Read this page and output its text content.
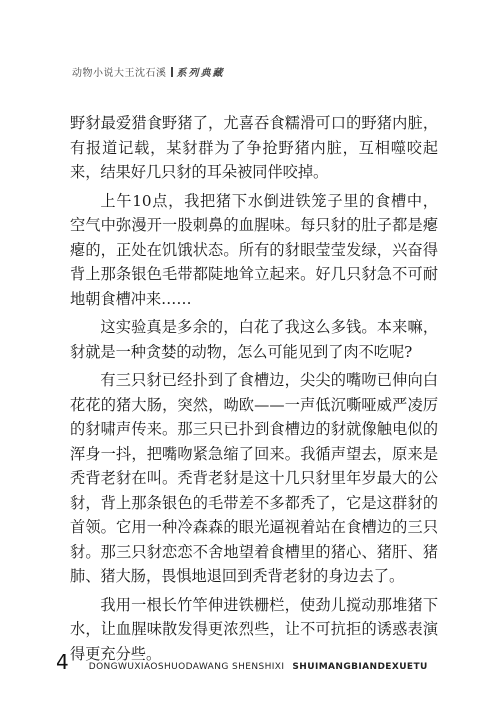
动物小说大王沈石溪 系列典藏

野豺最爱猎食野猪了，尤喜吞食糯滑可口的野猪内脏，有报道记载，某豺群为了争抢野猪内脏，互相噬咬起来，结果好几只豺的耳朵被同伴咬掉。

上午10点，我把猪下水倒进铁笼子里的食槽中，空气中弥漫开一股刺鼻的血腥味。每只豺的肚子都是瘪瘪的，正处在饥饿状态。所有的豺眼莹莹发绿，兴奋得背上那条银色毛带都陡地耸立起来。好几只豺急不可耐地朝食槽冲来……

这实验真是多余的，白花了我这么多钱。本来嘛，豺就是一种贪婪的动物，怎么可能见到了肉不吃呢?

有三只豺已经扑到了食槽边，尖尖的嘴吻已伸向白花花的猪大肠，突然，呦欧——一声低沉嘶哑威严凌厉的豺啸声传来。那三只已扑到食槽边的豺就像触电似的浑身一抖，把嘴吻紧急缩了回来。我循声望去，原来是秃背老豺在叫。秃背老豺是这十几只豺里年岁最大的公豺，背上那条银色的毛带差不多都秃了，它是这群豺的首领。它用一种冷森森的眼光逼视着站在食槽边的三只豺。那三只豺恋恋不舍地望着食槽里的猪心、猪肝、猪肺、猪大肠，畏惧地退回到秃背老豺的身边去了。

我用一根长竹竿伸进铁栅栏，使劲儿搅动那堆猪下水，让血腥味散发得更浓烈些，让不可抗拒的诱惑表演得更充分些。

4 DONGWUXIAOSHUODAWANG SHENSHIXI SHUIMANGBIANDEXUETU
